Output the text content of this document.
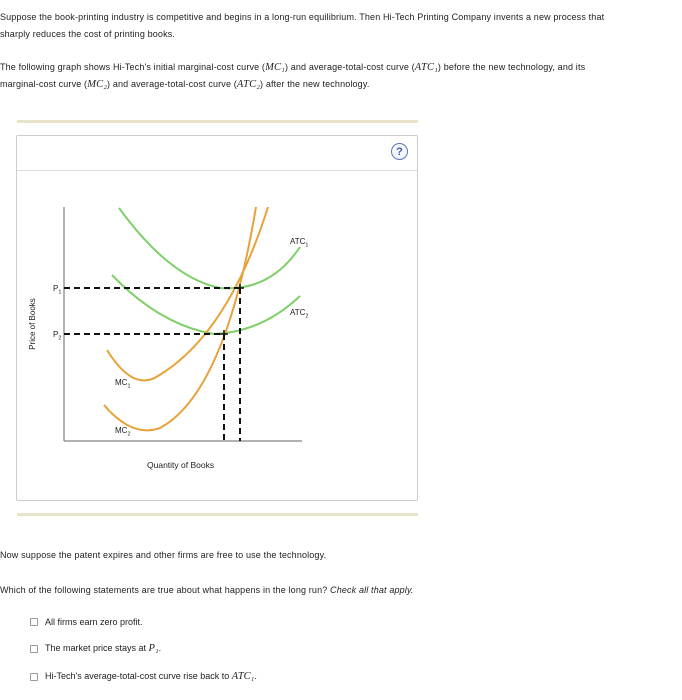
Suppose the book-printing industry is competitive and begins in a long-run equilibrium. Then Hi-Tech Printing Company invents a new process that
sharply reduces the cost of printing books.
The following graph shows Hi-Tech's initial marginal-cost curve (MC₁) and average-total-cost curve (ATC₁) before the new technology, and its
marginal-cost curve (MC₂) and average-total-cost curve (ATC₂) after the new technology.
?
Price of Books
Quantity of Books
$P_1$
$P_2$
$ATC_1$
$ATC_2$
$MC_1$
$MC_2$
Now suppose the patent expires and other firms are free to use the technology.
Which of the following statements are true about what happens in the long run? Check all that apply.
All firms earn zero profit.
The market price stays at P₁.
Hi-Tech's average-total-cost curve rise back to ATC₁.
